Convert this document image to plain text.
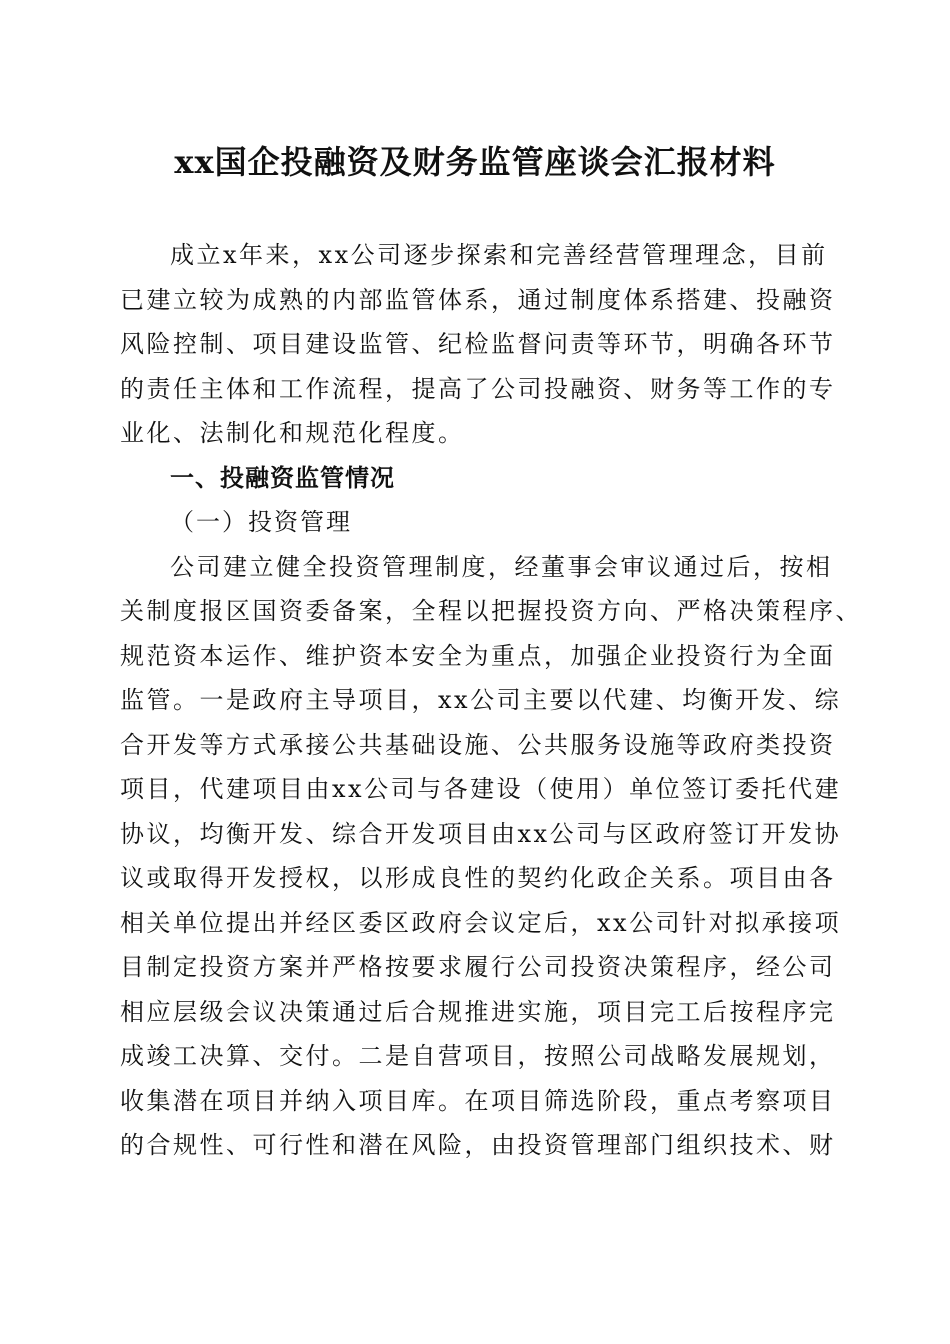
xx国企投融资及财务监管座谈会汇报材料
成立x年来，xx公司逐步探索和完善经营管理理念，目前
已建立较为成熟的内部监管体系，通过制度体系搭建、投融资
风险控制、项目建设监管、纪检监督问责等环节，明确各环节
的责任主体和工作流程，提高了公司投融资、财务等工作的专
业化、法制化和规范化程度。
一、投融资监管情况
（一）投资管理
公司建立健全投资管理制度，经董事会审议通过后，按相
关制度报区国资委备案，全程以把握投资方向、严格决策程序、
规范资本运作、维护资本安全为重点，加强企业投资行为全面
监管。一是政府主导项目，xx公司主要以代建、均衡开发、综
合开发等方式承接公共基础设施、公共服务设施等政府类投资
项目，代建项目由xx公司与各建设（使用）单位签订委托代建
协议，均衡开发、综合开发项目由xx公司与区政府签订开发协
议或取得开发授权，以形成良性的契约化政企关系。项目由各
相关单位提出并经区委区政府会议定后，xx公司针对拟承接项
目制定投资方案并严格按要求履行公司投资决策程序，经公司
相应层级会议决策通过后合规推进实施，项目完工后按程序完
成竣工决算、交付。二是自营项目，按照公司战略发展规划，
收集潜在项目并纳入项目库。在项目筛选阶段，重点考察项目
的合规性、可行性和潜在风险，由投资管理部门组织技术、财
